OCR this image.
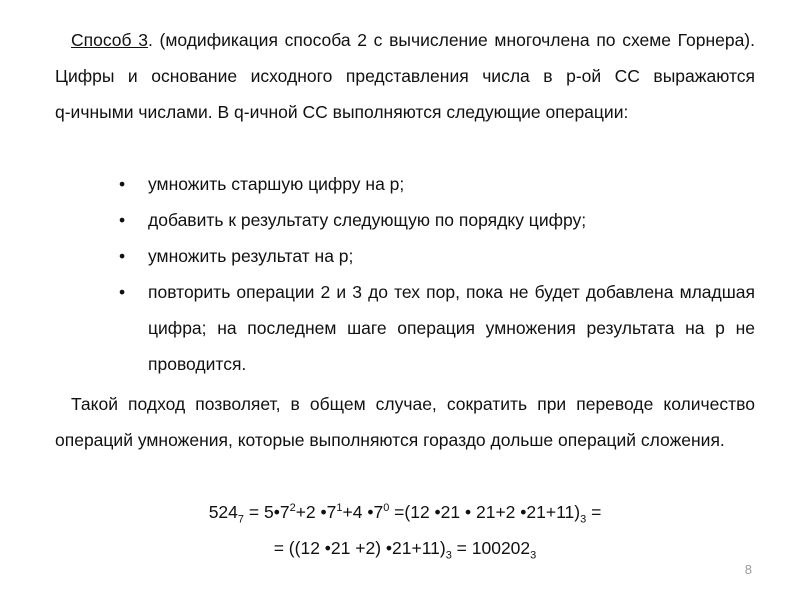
Способ 3. (модификация способа 2 с вычисление многочлена по схеме Горнера). Цифры и основание исходного представления числа в p-ой СС выражаются q‑ичными числами. В q‑ичной СС выполняются следующие операции:
• умножить старшую цифру на p;
• добавить к результату следующую по порядку цифру;
• умножить результат на p;
• повторить операции 2 и 3 до тех пор, пока не будет добавлена младшая цифра; на последнем шаге операция умножения результата на p не проводится.
Такой подход позволяет, в общем случае, сократить при переводе количество операций умножения, которые выполняются гораздо дольше операций сложения.
$524_7$ = $5•7^2+2$ $•7^1+4$ $•7^0 =(12$ •21 • 21+2 $•21+11)_3$ =
= ((12 •21 +2) $•21+11)_3 = 100202_3$
8
